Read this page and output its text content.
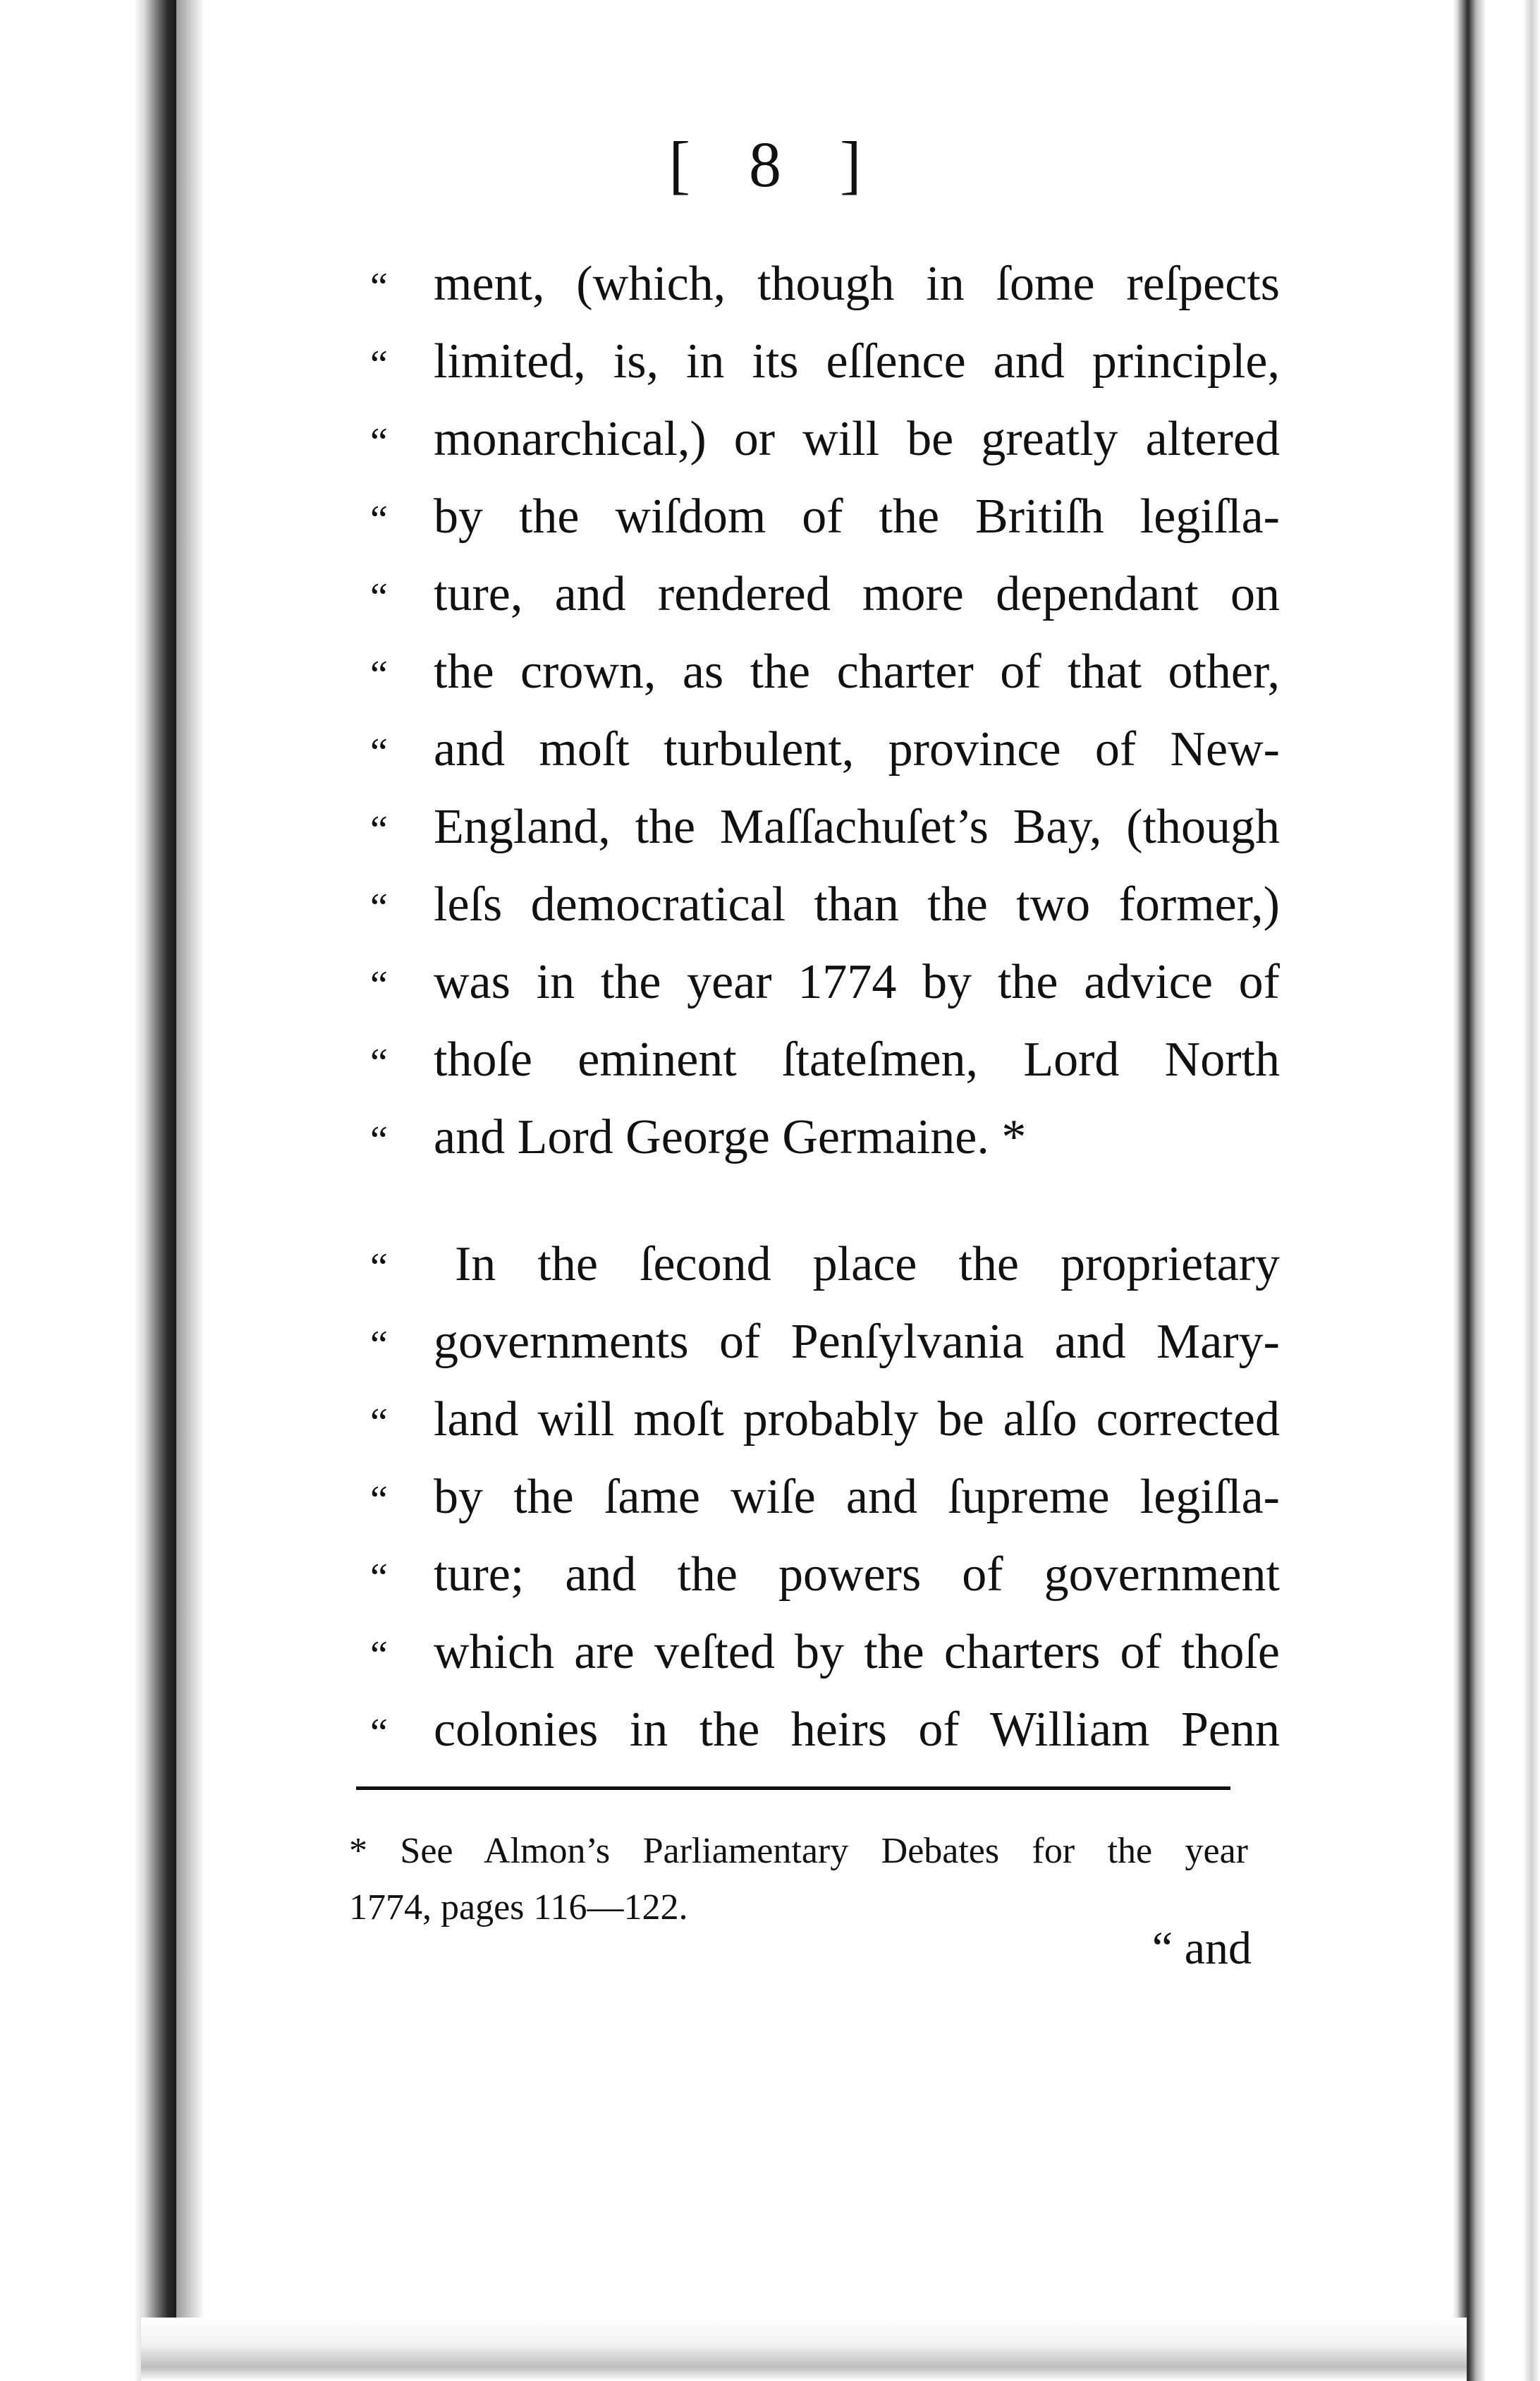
[ 8 ]
“ ment, (which, though in ſome reſpects
“ limited, is, in its eſſence and principle,
“ monarchical,) or will be greatly altered
“ by the wiſdom of the Britiſh legiſla-
“ ture, and rendered more dependant on
“ the crown, as the charter of that other,
“ and moſt turbulent, province of New-
“ England, the Maſſachuſet’s Bay, (though
“ leſs democratical than the two former,)
“ was in the year 1774 by the advice of
“ thoſe eminent ſtateſmen, Lord North
“ and Lord George Germaine. *
“	In the ſecond place the proprietary
“ governments of Penſylvania and Mary-
“ land will moſt probably be alſo corrected
“ by the ſame wiſe and ſupreme legiſla-
“ ture; and the powers of government
“ which are veſted by the charters of thoſe
“ colonies in the heirs of William Penn
* See Almon’s Parliamentary Debates for the year
1774, pages 116—122.
“ and
